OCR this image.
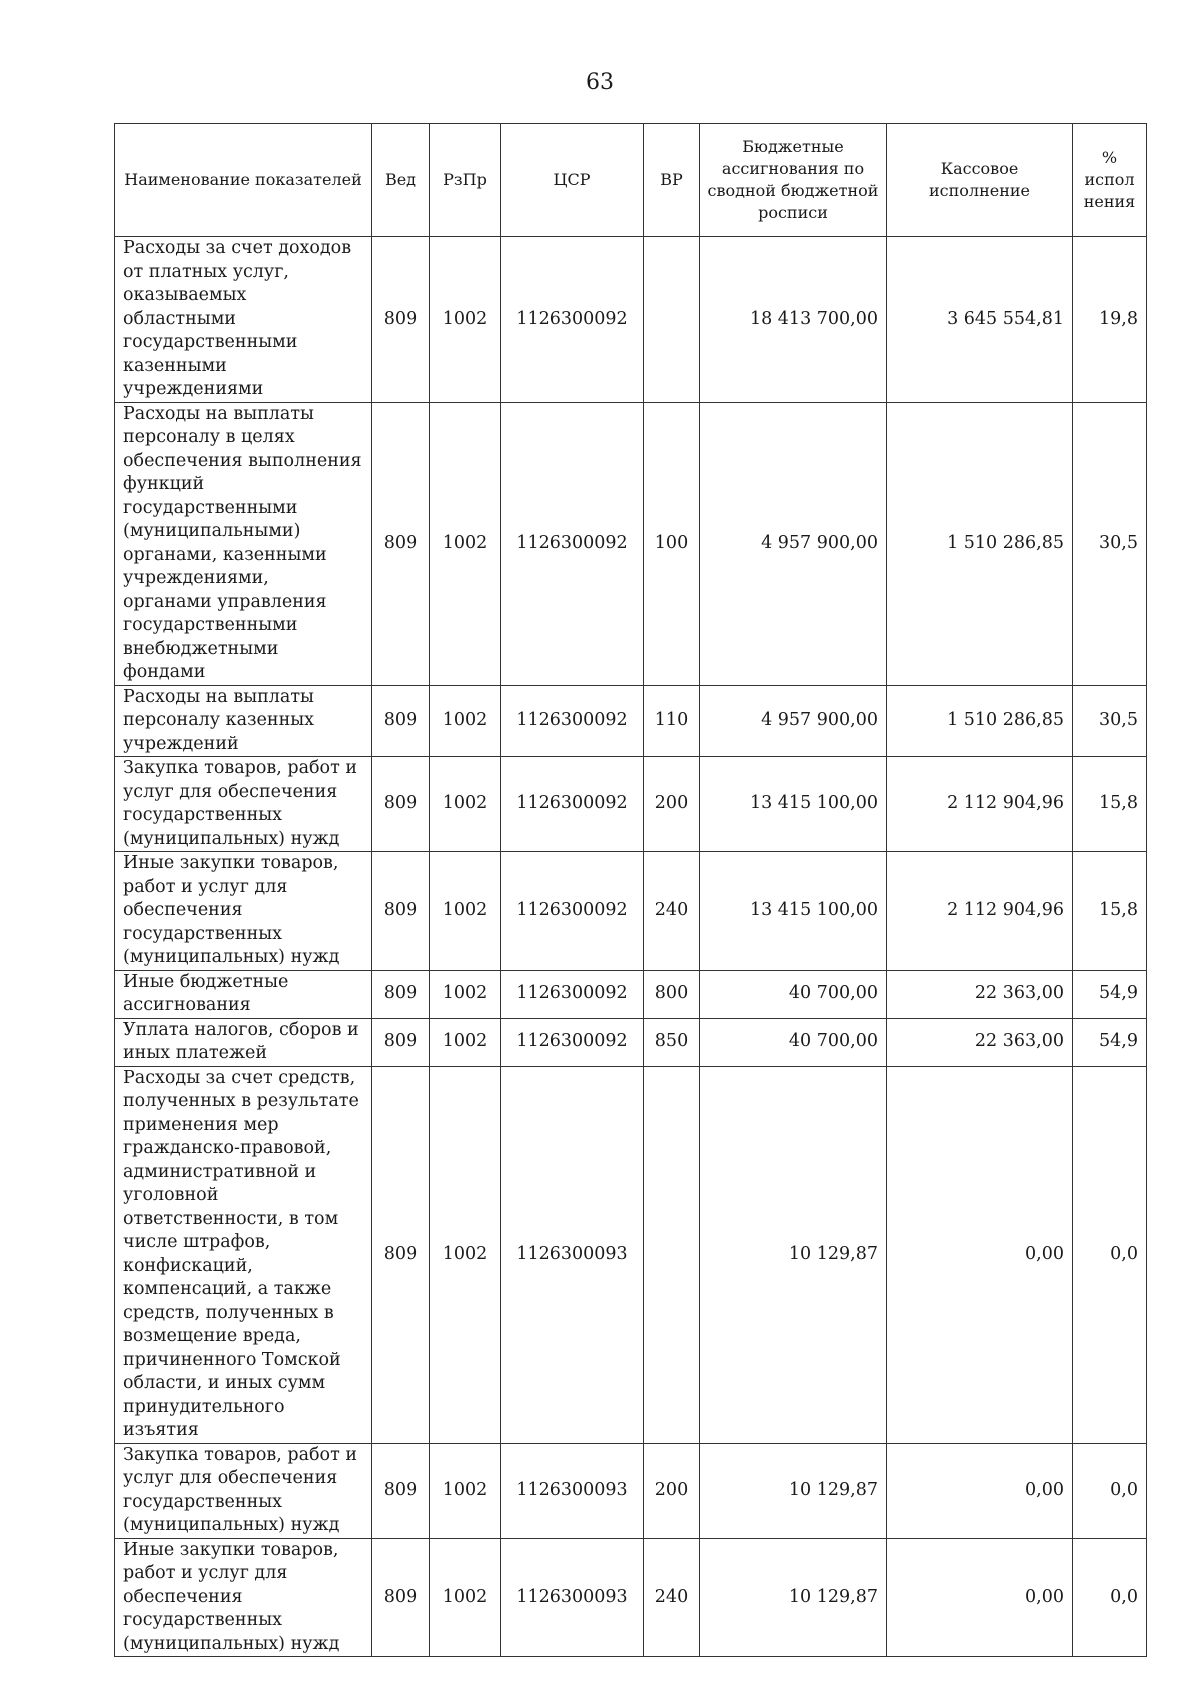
63
Наименование показателей	Вед	РзПр	ЦСР	ВР	Бюджетные ассигнования по сводной бюджетной росписи	Кассовое исполнение	% испол нения
Расходы за счет доходов от платных услуг, оказываемых областными государственными казенными учреждениями	809	1002	1126300092		18 413 700,00	3 645 554,81	19,8
Расходы на выплаты персоналу в целях обеспечения выполнения функций государственными (муниципальными) органами, казенными учреждениями, органами управления государственными внебюджетными фондами	809	1002	1126300092	100	4 957 900,00	1 510 286,85	30,5
Расходы на выплаты персоналу казенных учреждений	809	1002	1126300092	110	4 957 900,00	1 510 286,85	30,5
Закупка товаров, работ и услуг для обеспечения государственных (муниципальных) нужд	809	1002	1126300092	200	13 415 100,00	2 112 904,96	15,8
Иные закупки товаров, работ и услуг для обеспечения государственных (муниципальных) нужд	809	1002	1126300092	240	13 415 100,00	2 112 904,96	15,8
Иные бюджетные ассигнования	809	1002	1126300092	800	40 700,00	22 363,00	54,9
Уплата налогов, сборов и иных платежей	809	1002	1126300092	850	40 700,00	22 363,00	54,9
Расходы за счет средств, полученных в результате применения мер гражданско-правовой, административной и уголовной ответственности, в том числе штрафов, конфискаций, компенсаций, а также средств, полученных в возмещение вреда, причиненного Томской области, и иных сумм принудительного изъятия	809	1002	1126300093		10 129,87	0,00	0,0
Закупка товаров, работ и услуг для обеспечения государственных (муниципальных) нужд	809	1002	1126300093	200	10 129,87	0,00	0,0
Иные закупки товаров, работ и услуг для обеспечения государственных (муниципальных) нужд	809	1002	1126300093	240	10 129,87	0,00	0,0
